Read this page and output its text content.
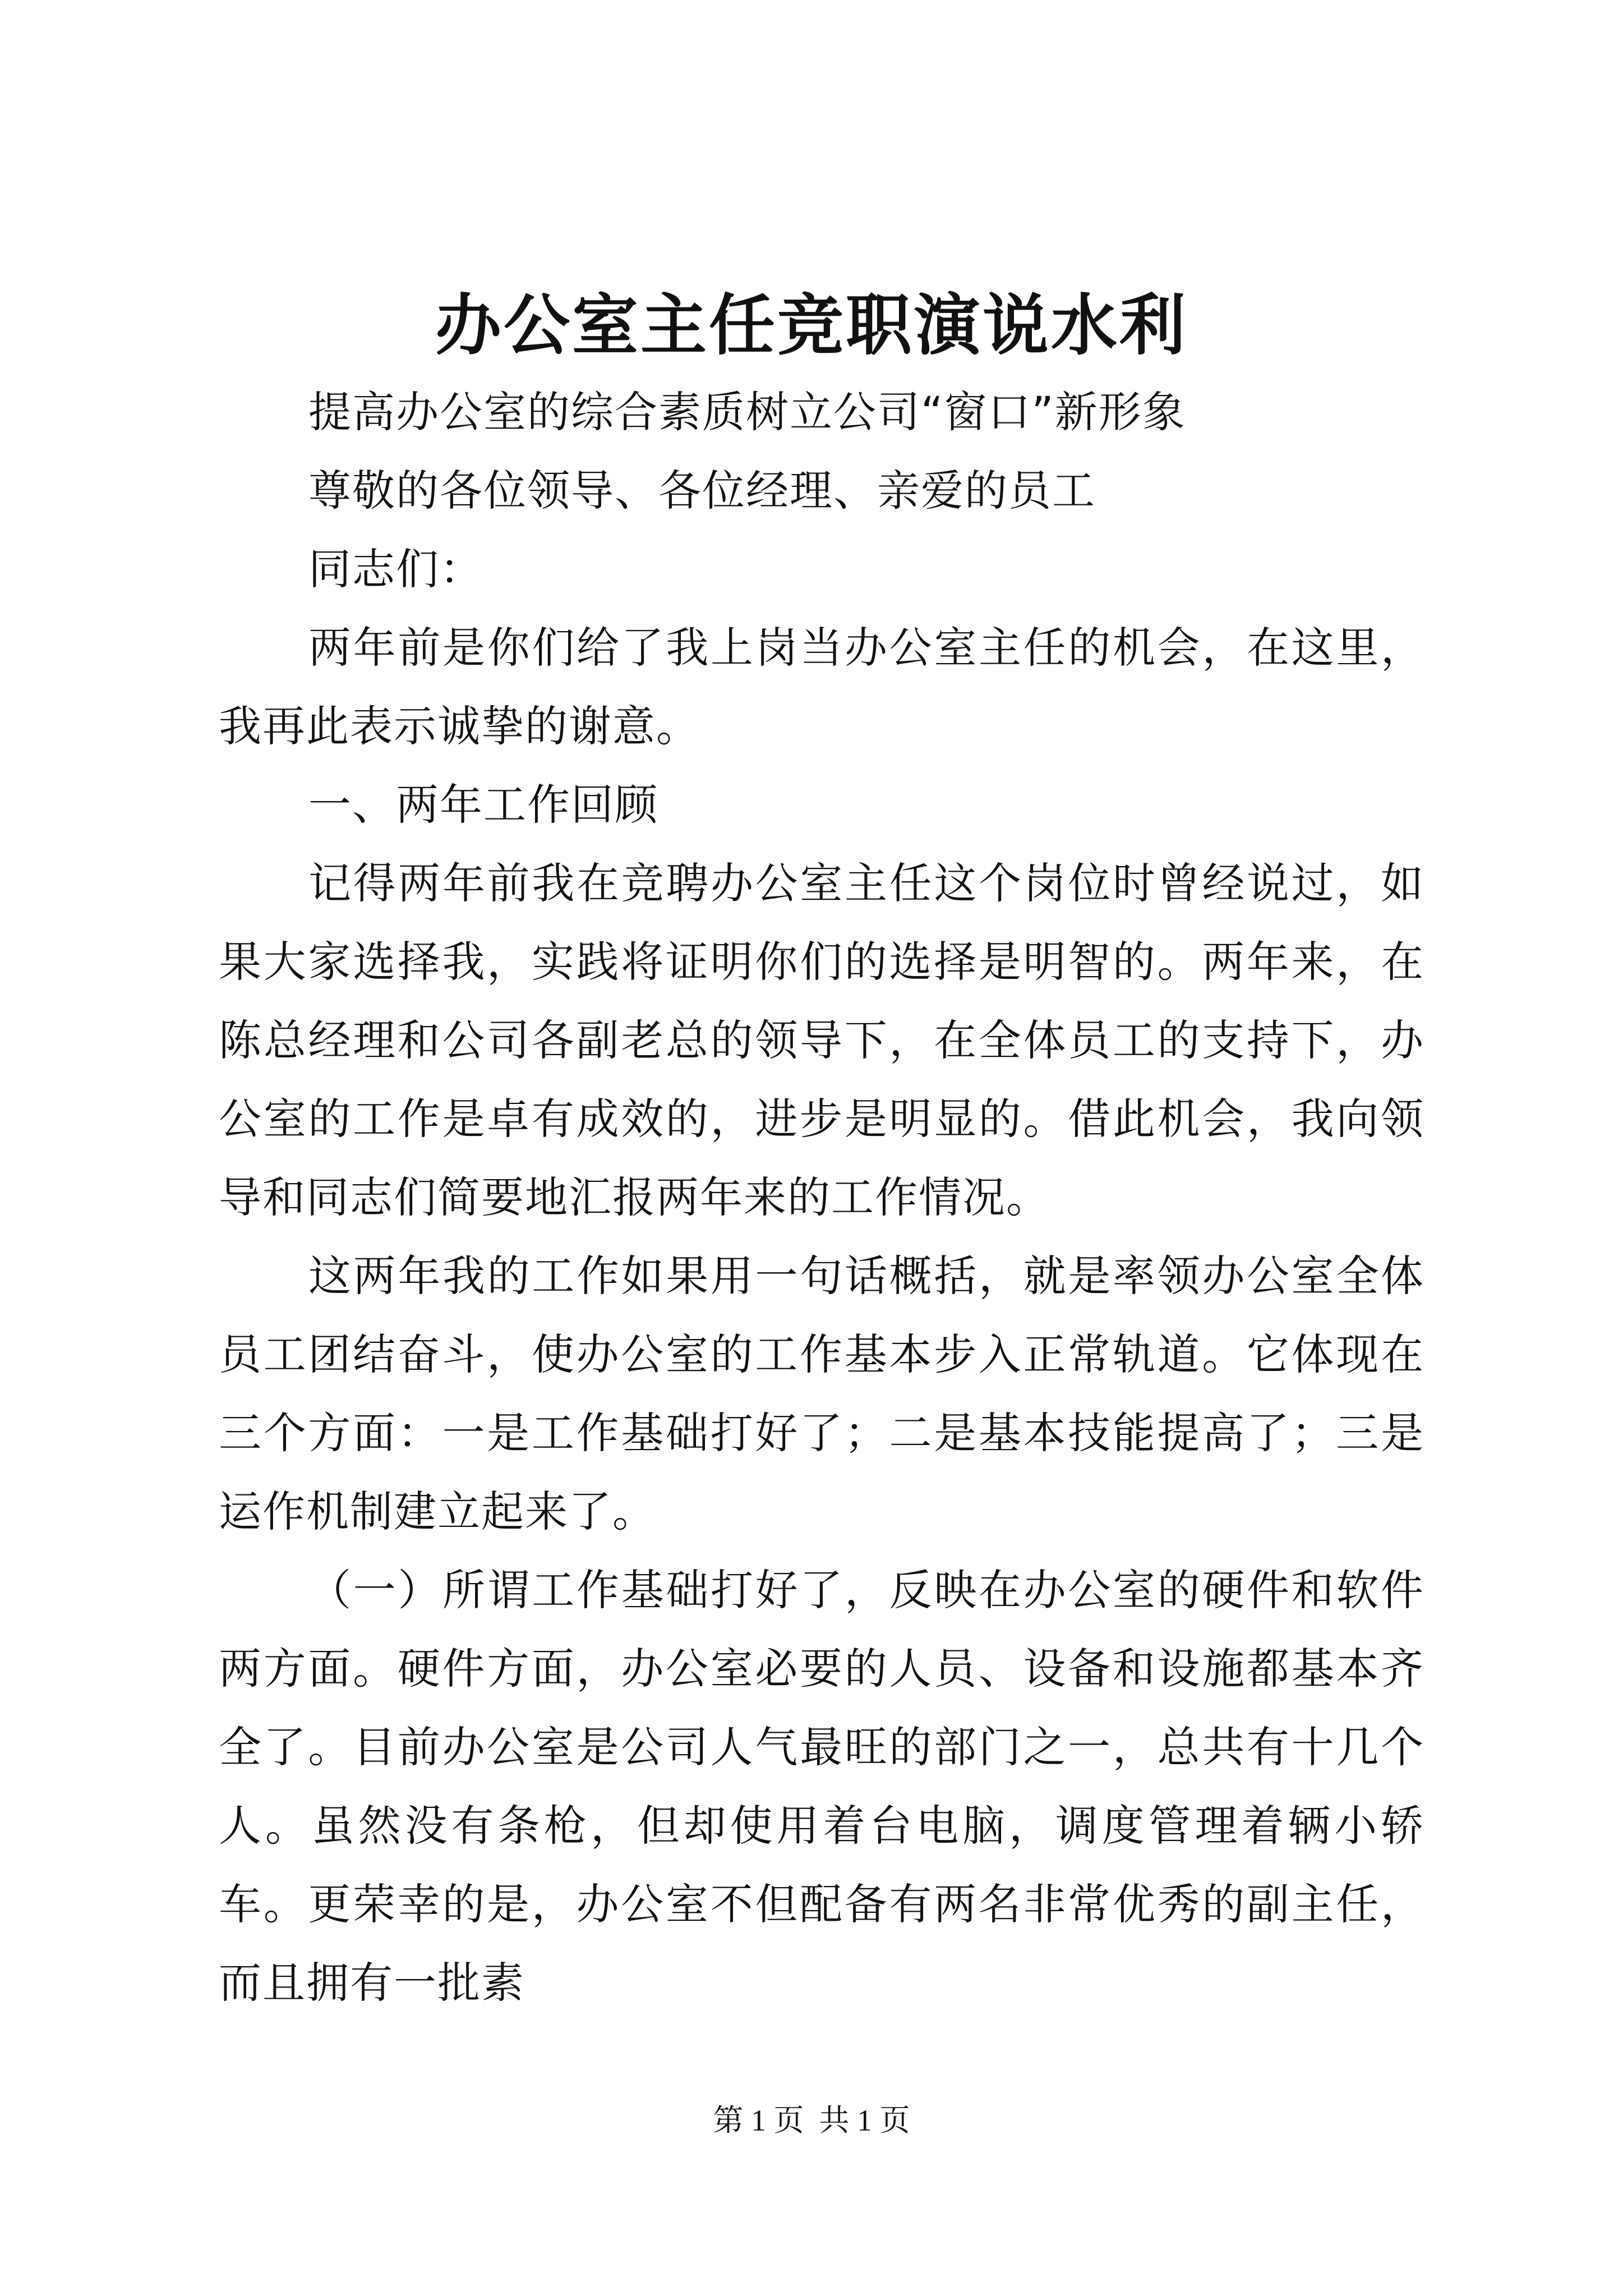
办公室主任竞职演说水利

提高办公室的综合素质树立公司“窗口”新形象

尊敬的各位领导、各位经理、亲爱的员工

同志们：

两年前是你们给了我上岗当办公室主任的机会，在这里，我再此表示诚挚的谢意。

一、两年工作回顾

记得两年前我在竞聘办公室主任这个岗位时曾经说过，如果大家选择我，实践将证明你们的选择是明智的。两年来，在陈总经理和公司各副老总的领导下，在全体员工的支持下，办公室的工作是卓有成效的，进步是明显的。借此机会，我向领导和同志们简要地汇报两年来的工作情况。

这两年我的工作如果用一句话概括，就是率领办公室全体员工团结奋斗，使办公室的工作基本步入正常轨道。它体现在三个方面：一是工作基础打好了；二是基本技能提高了；三是运作机制建立起来了。

（一）所谓工作基础打好了，反映在办公室的硬件和软件两方面。硬件方面，办公室必要的人员、设备和设施都基本齐全了。目前办公室是公司人气最旺的部门之一，总共有十几个人。虽然没有条枪，但却使用着台电脑，调度管理着辆小轿车。更荣幸的是，办公室不但配备有两名非常优秀的副主任，而且拥有一批素

第 1 页  共 1 页
